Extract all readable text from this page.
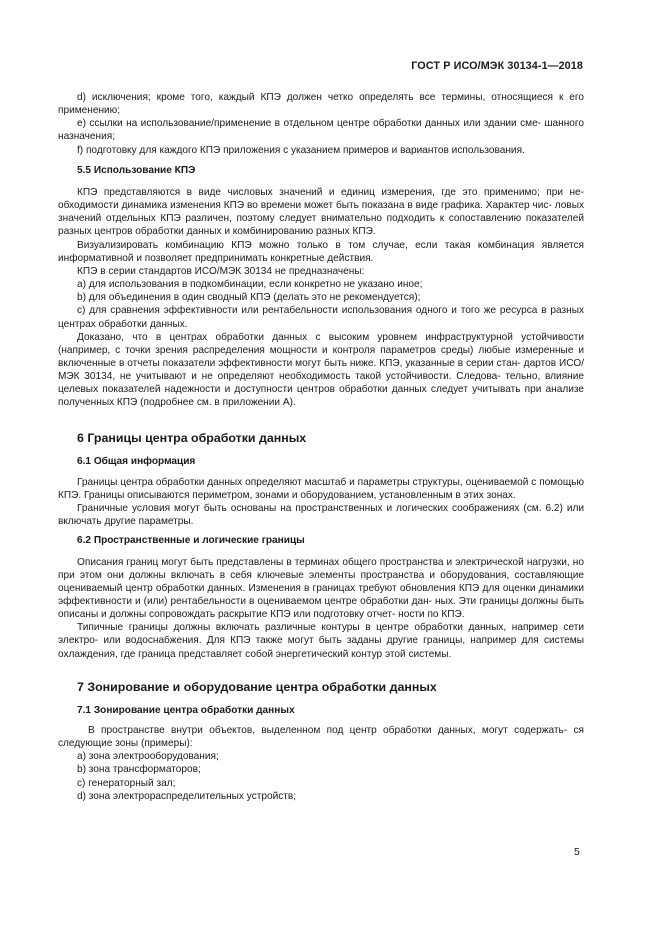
ГОСТ Р ИСО/МЭК 30134-1—2018

d) исключения; кроме того, каждый КПЭ должен четко определять все термины, относящиеся к его применению;

e) ссылки на использование/применение в отдельном центре обработки данных или здании сме- шанного назначения;

f) подготовку для каждого КПЭ приложения с указанием примеров и вариантов использования.

5.5 Использование КПЭ

КПЭ представляются в виде числовых значений и единиц измерения, где это применимо; при не- обходимости динамика изменения КПЭ во времени может быть показана в виде графика. Характер чис- ловых значений отдельных КПЭ различен, поэтому следует внимательно подходить к сопоставлению показателей разных центров обработки данных и комбинированию разных КПЭ.

Визуализировать комбинацию КПЭ можно только в том случае, если такая комбинация является информативной и позволяет предпринимать конкретные действия.

КПЭ в серии стандартов ИСО/МЭК 30134 не предназначены:

a) для использования в подкомбинации, если конкретно не указано иное;

b) для объединения в один сводный КПЭ (делать это не рекомендуется);

c) для сравнения эффективности или рентабельности использования одного и того же ресурса в разных центрах обработки данных.

Доказано, что в центрах обработки данных с высоким уровнем инфраструктурной устойчивости (например, с точки зрения распределения мощности и контроля параметров среды) любые измеренные и включенные в отчеты показатели эффективности могут быть ниже. КПЭ, указанные в серии стан- дартов ИСО/МЭК 30134, не учитывают и не определяют необходимость такой устойчивости. Следова- тельно, влияние целевых показателей надежности и доступности центров обработки данных следует учитывать при анализе полученных КПЭ (подробнее см. в приложении А).

6 Границы центра обработки данных
6.1 Общая информация

Границы центра обработки данных определяют масштаб и параметры структуры, оцениваемой с помощью КПЭ. Границы описываются периметром, зонами и оборудованием, установленным в этих зонах.

Граничные условия могут быть основаны на пространственных и логических соображениях (см. 6.2) или включать другие параметры.

6.2 Пространственные и логические границы

Описания границ могут быть представлены в терминах общего пространства и электрической нагрузки, но при этом они должны включать в себя ключевые элементы пространства и оборудования, составляющие оцениваемый центр обработки данных. Изменения в границах требуют обновления КПЭ для оценки динамики эффективности и (или) рентабельности в оцениваемом центре обработки дан- ных. Эти границы должны быть описаны и должны сопровождать раскрытие КПЭ или подготовку отчет- ности по КПЭ.

Типичные границы должны включать различные контуры в центре обработки данных, например сети электро- или водоснабжения. Для КПЭ также могут быть заданы другие границы, например для системы охлаждения, где граница представляет собой энергетический контур этой системы.

7 Зонирование и оборудование центра обработки данных
7.1 Зонирование центра обработки данных

В пространстве внутри объектов, выделенном под центр обработки данных, могут содержать- ся следующие зоны (примеры):

a) зона электрооборудования;

b) зона трансформаторов;

c) генераторный зал;

d) зона электрораспределительных устройств;

5
